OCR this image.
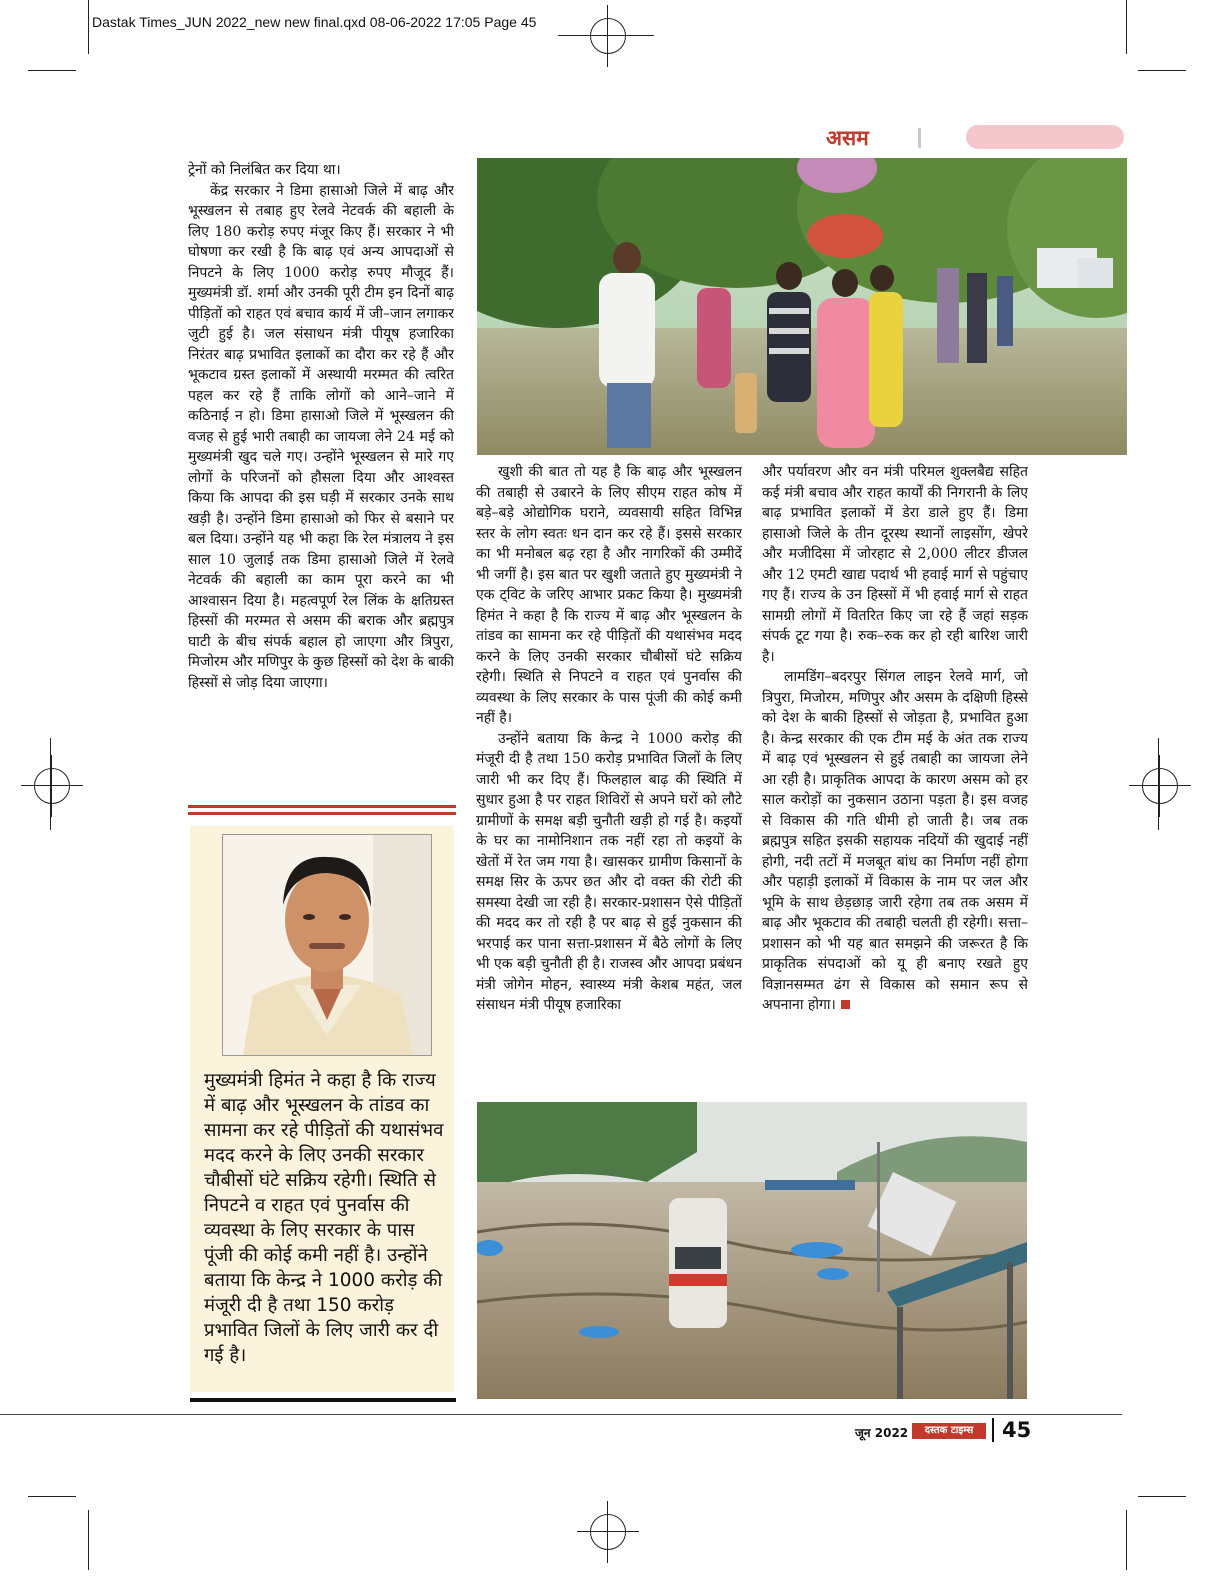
Dastak Times_JUN 2022_new new final.qxd 08-06-2022 17:05 Page 45
असम

ट्रेनों को निलंबित कर दिया था।

केंद्र सरकार ने डिमा हासाओ जिले में बाढ़ और भूस्खलन से तबाह हुए रेलवे नेटवर्क की बहाली के लिए 180 करोड़ रुपए मंजूर किए हैं। सरकार ने भी घोषणा कर रखी है कि बाढ़ एवं अन्य आपदाओं से निपटने के लिए 1000 करोड़ रुपए मौजूद हैं। मुख्यमंत्री डॉ. शर्मा और उनकी पूरी टीम इन दिनों बाढ़ पीड़ितों को राहत एवं बचाव कार्य में जी–जान लगाकर जुटी हुई है। जल संसाधन मंत्री पीयूष हजारिका निरंतर बाढ़ प्रभावित इलाकों का दौरा कर रहे हैं और भूकटाव ग्रस्त इलाकों में अस्थायी मरम्मत की त्वरित पहल कर रहे हैं ताकि लोगों को आने–जाने में कठिनाई न हो। डिमा हासाओ जिले में भूस्खलन की वजह से हुई भारी तबाही का जायजा लेने 24 मई को मुख्यमंत्री खुद चले गए। उन्होंने भूस्खलन से मारे गए लोगों के परिजनों को हौसला दिया और आश्वस्त किया कि आपदा की इस घड़ी में सरकार उनके साथ खड़ी है। उन्होंने डिमा हासाओ को फिर से बसाने पर बल दिया। उन्होंने यह भी कहा कि रेल मंत्रालय ने इस साल 10 जुलाई तक डिमा हासाओ जिले में रेलवे नेटवर्क की बहाली का काम पूरा करने का भी आश्वासन दिया है। महत्वपूर्ण रेल लिंक के क्षतिग्रस्त हिस्सों की मरम्मत से असम की बराक और ब्रह्मपुत्र घाटी के बीच संपर्क बहाल हो जाएगा और त्रिपुरा, मिजोरम और मणिपुर के कुछ हिस्सों को देश के बाकी हिस्सों से जोड़ दिया जाएगा।

खुशी की बात तो यह है कि बाढ़ और भूस्खलन की तबाही से उबारने के लिए सीएम राहत कोष में बड़े–बड़े ओद्योगिक घराने, व्यवसायी सहित विभिन्न स्तर के लोग स्वतः धन दान कर रहे हैं। इससे सरकार का भी मनोबल बढ़ रहा है और नागरिकों की उम्मीदें भी जगीं है। इस बात पर खुशी जताते हुए मुख्यमंत्री ने एक ट्विट के जरिए आभार प्रकट किया है। मुख्यमंत्री हिमंत ने कहा है कि राज्य में बाढ़ और भूस्खलन के तांडव का सामना कर रहे पीड़ितों की यथासंभव मदद करने के लिए उनकी सरकार चौबीसों घंटे सक्रिय रहेगी। स्थिति से निपटने व राहत एवं पुनर्वास की व्यवस्था के लिए सरकार के पास पूंजी की कोई कमी नहीं है।

उन्होंने बताया कि केन्द्र ने 1000 करोड़ की मंजूरी दी है तथा 150 करोड़ प्रभावित जिलों के लिए जारी भी कर दिए हैं। फिलहाल बाढ़ की स्थिति में सुधार हुआ है पर राहत शिविरों से अपने घरों को लौटे ग्रामीणों के समक्ष बड़ी चुनौती खड़ी हो गई है। कइयों के घर का नामोनिशान तक नहीं रहा तो कइयों के खेतों में रेत जम गया है। खासकर ग्रामीण किसानों के समक्ष सिर के ऊपर छत और दो वक्त की रोटी की समस्या देखी जा रही है। सरकार-प्रशासन ऐसे पीड़ितों की मदद कर तो रही है पर बाढ़ से हुई नुकसान की भरपाई कर पाना सत्ता-प्रशासन में बैठे लोगों के लिए भी एक बड़ी चुनौती ही है। राजस्व और आपदा प्रबंधन मंत्री जोगेन मोहन, स्वास्थ्य मंत्री केशब महंत, जल संसाधन मंत्री पीयूष हजारिका

और पर्यावरण और वन मंत्री परिमल शुक्लबैद्य सहित कई मंत्री बचाव और राहत कार्यों की निगरानी के लिए बाढ़ प्रभावित इलाकों में डेरा डाले हुए हैं। डिमा हासाओ जिले के तीन दूरस्थ स्थानों लाइसोंग, खेपरे और मजीदिसा में जोरहाट से 2,000 लीटर डीजल और 12 एमटी खाद्य पदार्थ भी हवाई मार्ग से पहुंचाए गए हैं। राज्य के उन हिस्सों में भी हवाई मार्ग से राहत सामग्री लोगों में वितरित किए जा रहे हैं जहां सड़क संपर्क टूट गया है। रुक–रुक कर हो रही बारिश जारी है।

लामडिंग–बदरपुर सिंगल लाइन रेलवे मार्ग, जो त्रिपुरा, मिजोरम, मणिपुर और असम के दक्षिणी हिस्से को देश के बाकी हिस्सों से जोड़ता है, प्रभावित हुआ है। केन्द्र सरकार की एक टीम मई के अंत तक राज्य में बाढ़ एवं भूस्खलन से हुई तबाही का जायजा लेने आ रही है। प्राकृतिक आपदा के कारण असम को हर साल करोड़ों का नुकसान उठाना पड़ता है। इस वजह से विकास की गति धीमी हो जाती है। जब तक ब्रह्मपुत्र सहित इसकी सहायक नदियों की खुदाई नहीं होगी, नदी तटों में मजबूत बांध का निर्माण नहीं होगा और पहाड़ी इलाकों में विकास के नाम पर जल और भूमि के साथ छेड़छाड़ जारी रहेगा तब तक असम में बाढ़ और भूकटाव की तबाही चलती ही रहेगी। सत्ता–प्रशासन को भी यह बात समझने की जरूरत है कि प्राकृतिक संपदाओं को यू ही बनाए रखते हुए विज्ञानसम्मत ढंग से विकास को समान रूप से अपनाना होगा।

मुख्यमंत्री हिमंत ने कहा है कि राज्य में बाढ़ और भूस्खलन के तांडव का सामना कर रहे पीड़ितों की यथासंभव मदद करने के लिए उनकी सरकार चौबीसों घंटे सक्रिय रहेगी। स्थिति से निपटने व राहत एवं पुनर्वास की व्यवस्था के लिए सरकार के पास पूंजी की कोई कमी नहीं है। उन्होंने बताया कि केन्द्र ने 1000 करोड़ की मंजूरी दी है तथा 150 करोड़ प्रभावित जिलों के लिए जारी कर दी गई है।
जून 2022	दस्तक टाइम्स	45
